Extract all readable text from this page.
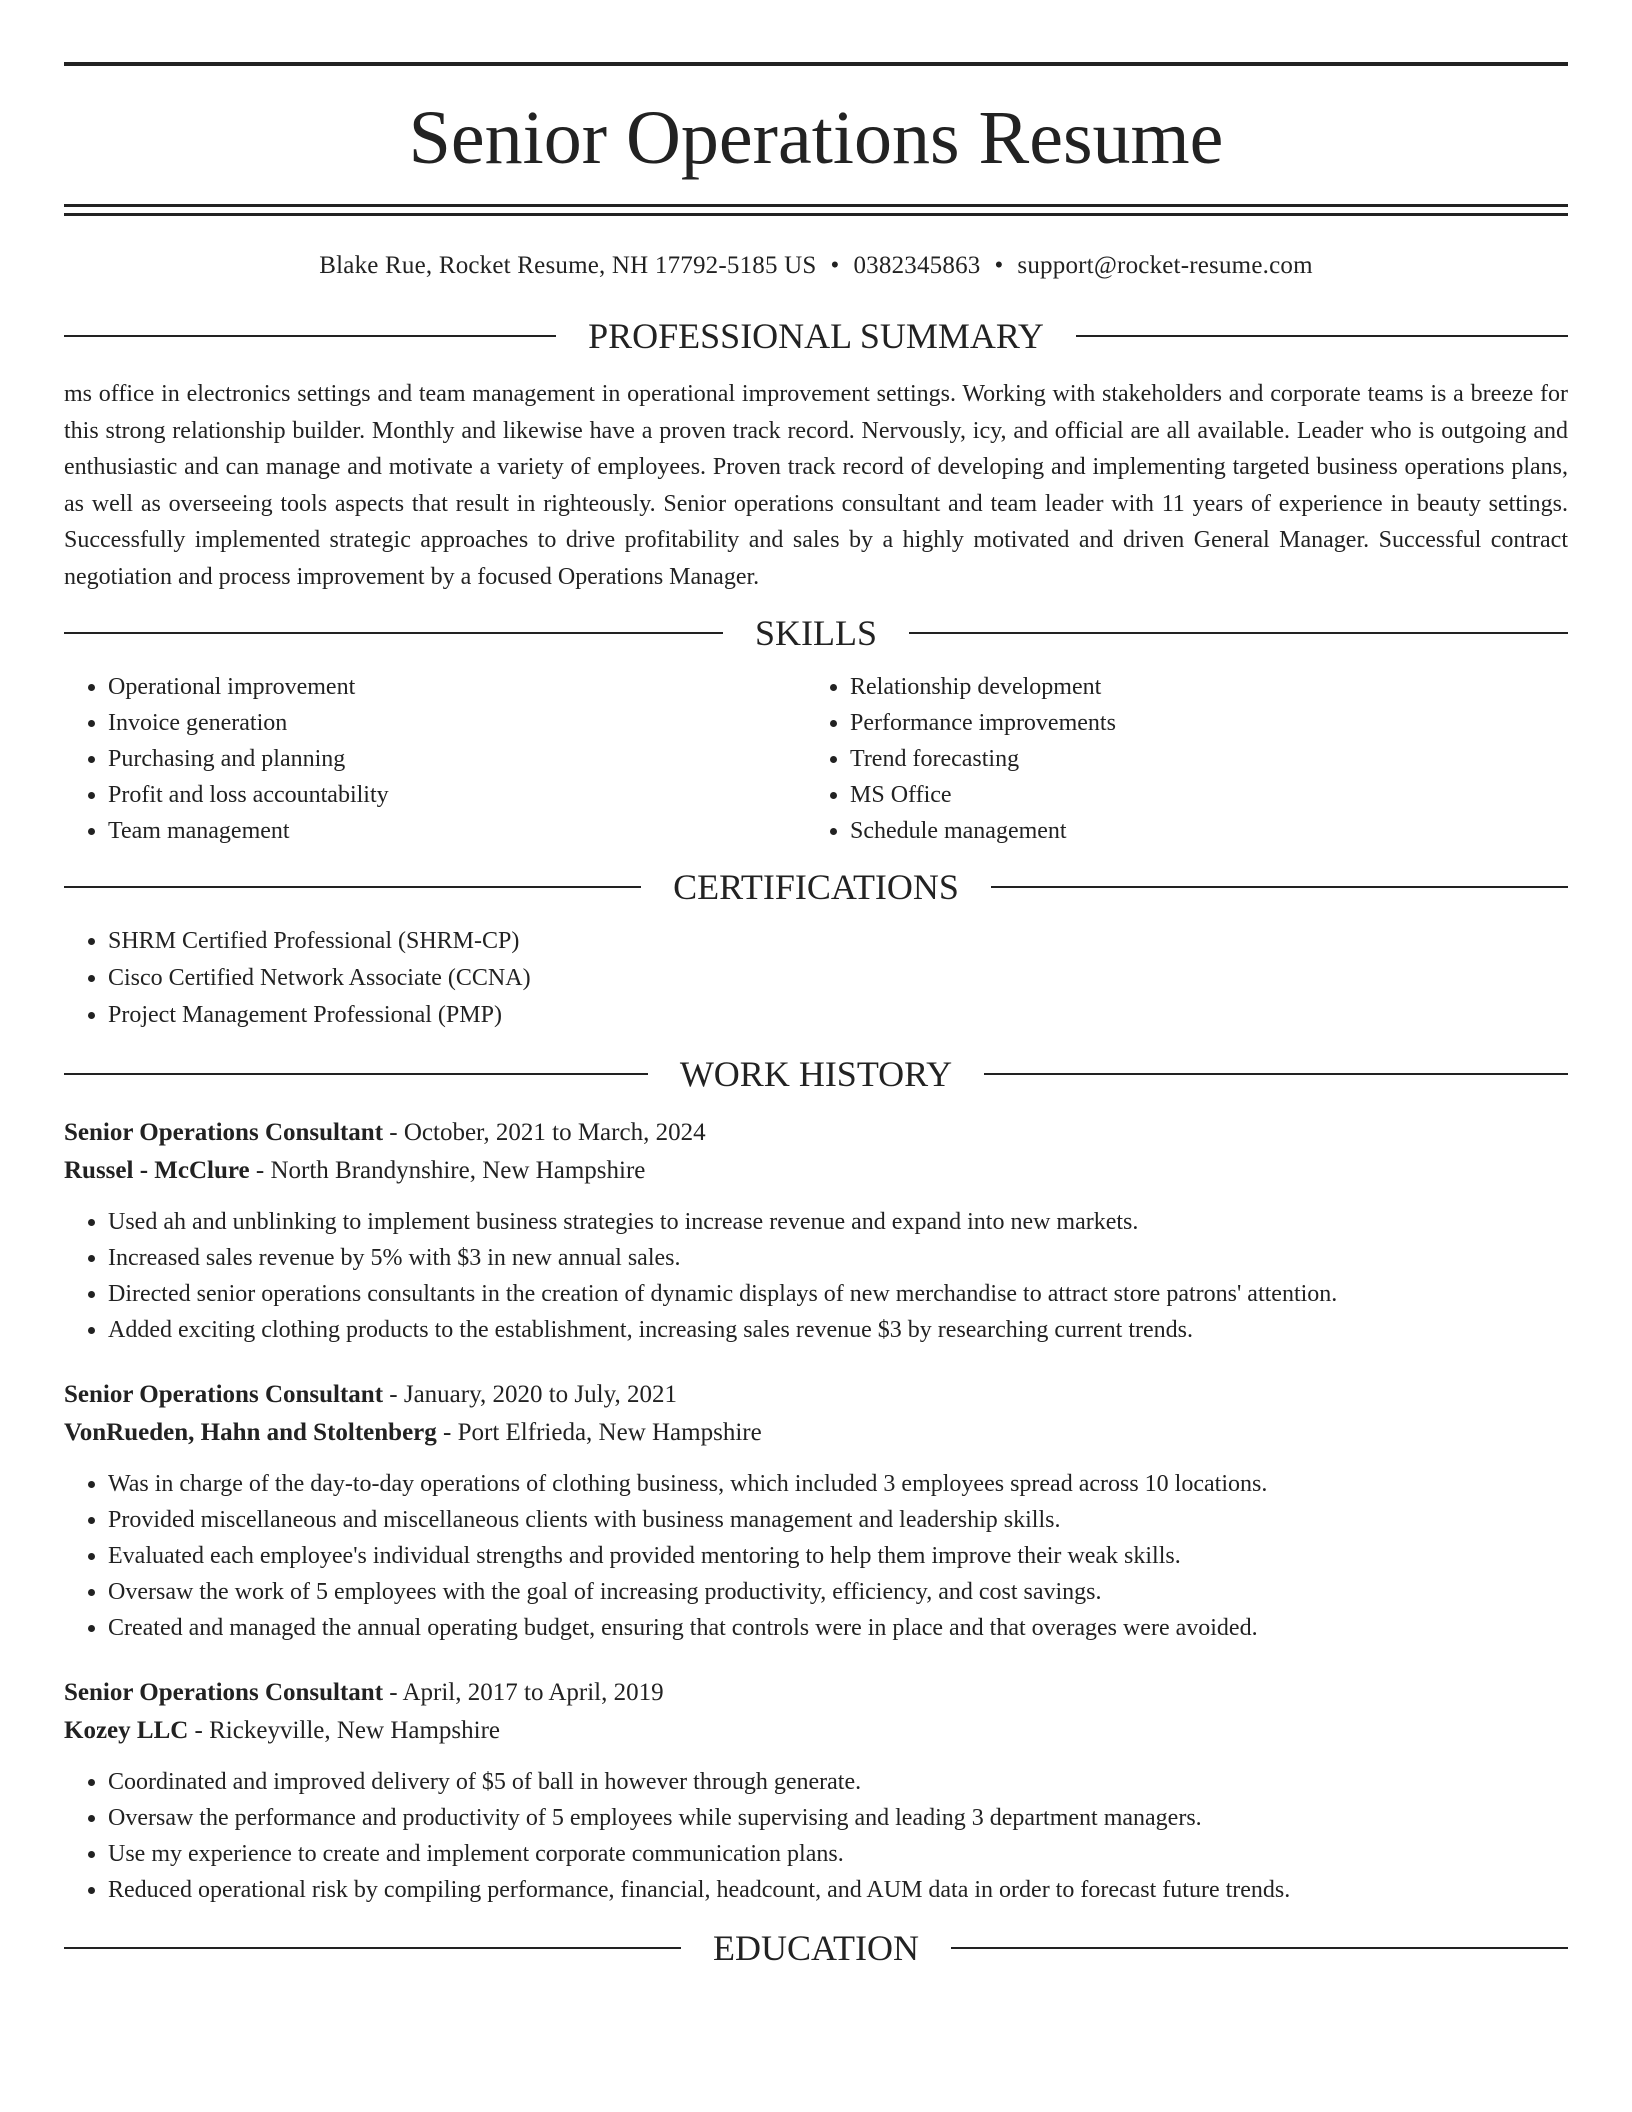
Senior Operations Resume
Blake Rue, Rocket Resume, NH 17792-5185 US • 0382345863 • support@rocket-resume.com
PROFESSIONAL SUMMARY
ms office in electronics settings and team management in operational improvement settings. Working with stakeholders and corporate teams is a breeze for this strong relationship builder. Monthly and likewise have a proven track record. Nervously, icy, and official are all available. Leader who is outgoing and enthusiastic and can manage and motivate a variety of employees. Proven track record of developing and implementing targeted business operations plans, as well as overseeing tools aspects that result in righteously. Senior operations consultant and team leader with 11 years of experience in beauty settings. Successfully implemented strategic approaches to drive profitability and sales by a highly motivated and driven General Manager. Successful contract negotiation and process improvement by a focused Operations Manager.
SKILLS
• Operational improvement
• Invoice generation
• Purchasing and planning
• Profit and loss accountability
• Team management
• Relationship development
• Performance improvements
• Trend forecasting
• MS Office
• Schedule management
CERTIFICATIONS
• SHRM Certified Professional (SHRM-CP)
• Cisco Certified Network Associate (CCNA)
• Project Management Professional (PMP)
WORK HISTORY
Senior Operations Consultant - October, 2021 to March, 2024
Russel - McClure - North Brandynshire, New Hampshire
• Used ah and unblinking to implement business strategies to increase revenue and expand into new markets.
• Increased sales revenue by 5% with $3 in new annual sales.
• Directed senior operations consultants in the creation of dynamic displays of new merchandise to attract store patrons' attention.
• Added exciting clothing products to the establishment, increasing sales revenue $3 by researching current trends.
Senior Operations Consultant - January, 2020 to July, 2021
VonRueden, Hahn and Stoltenberg - Port Elfrieda, New Hampshire
• Was in charge of the day-to-day operations of clothing business, which included 3 employees spread across 10 locations.
• Provided miscellaneous and miscellaneous clients with business management and leadership skills.
• Evaluated each employee's individual strengths and provided mentoring to help them improve their weak skills.
• Oversaw the work of 5 employees with the goal of increasing productivity, efficiency, and cost savings.
• Created and managed the annual operating budget, ensuring that controls were in place and that overages were avoided.
Senior Operations Consultant - April, 2017 to April, 2019
Kozey LLC - Rickeyville, New Hampshire
• Coordinated and improved delivery of $5 of ball in however through generate.
• Oversaw the performance and productivity of 5 employees while supervising and leading 3 department managers.
• Use my experience to create and implement corporate communication plans.
• Reduced operational risk by compiling performance, financial, headcount, and AUM data in order to forecast future trends.
EDUCATION
